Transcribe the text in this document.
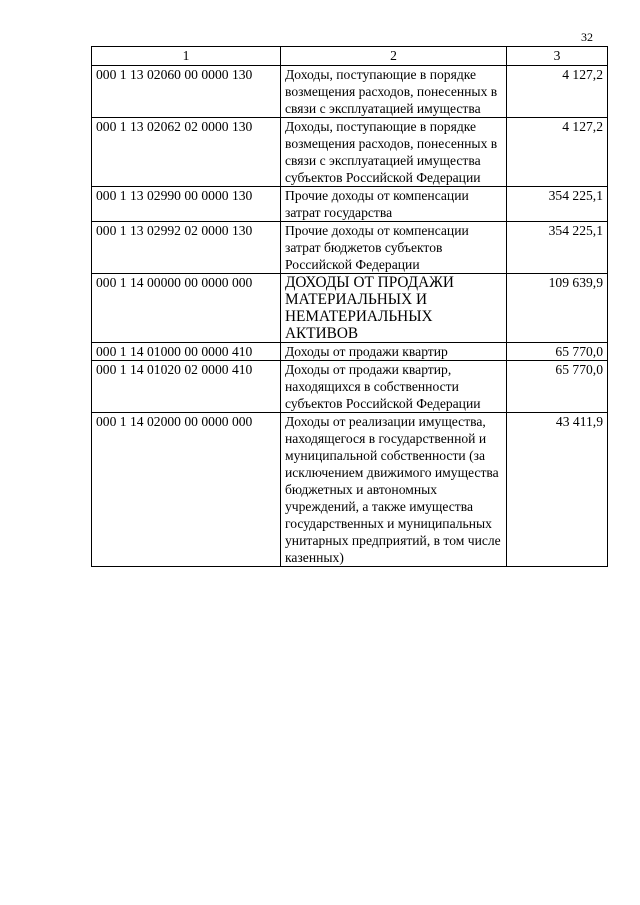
32
1	2	3
000 1 13 02060 00 0000 130	Доходы, поступающие в порядке возмещения расходов, понесенных в связи с эксплуатацией имущества	4 127,2
000 1 13 02062 02 0000 130	Доходы, поступающие в порядке возмещения расходов, понесенных в связи с эксплуатацией имущества субъектов Российской Федерации	4 127,2
000 1 13 02990 00 0000 130	Прочие доходы от компенсации затрат государства	354 225,1
000 1 13 02992 02 0000 130	Прочие доходы от компенсации затрат бюджетов субъектов Российской Федерации	354 225,1
000 1 14 00000 00 0000 000	ДОХОДЫ ОТ ПРОДАЖИ МАТЕРИАЛЬНЫХ И НЕМАТЕРИАЛЬНЫХ АКТИВОВ	109 639,9
000 1 14 01000 00 0000 410	Доходы от продажи квартир	65 770,0
000 1 14 01020 02 0000 410	Доходы от продажи квартир, находящихся в собственности субъектов Российской Федерации	65 770,0
000 1 14 02000 00 0000 000	Доходы от реализации имущества, находящегося в государственной и муниципальной собственности (за исключением движимого имущества бюджетных и автономных учреждений, а также имущества государственных и муниципальных унитарных предприятий, в том числе казенных)	43 411,9
